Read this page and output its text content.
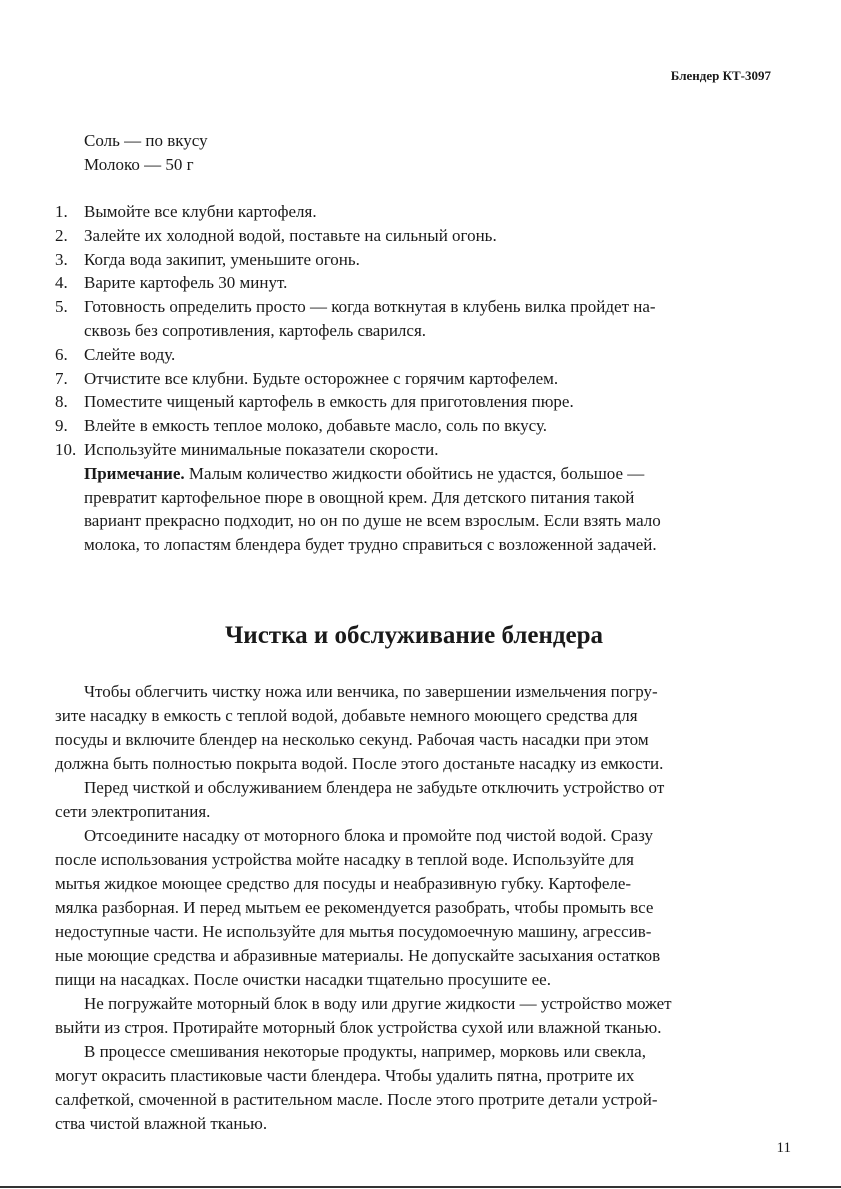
Блендер КТ-3097
Соль — по вкусу
Молоко — 50 г
1. Вымойте все клубни картофеля.
2. Залейте их холодной водой, поставьте на сильный огонь.
3. Когда вода закипит, уменьшите огонь.
4. Варите картофель 30 минут.
5. Готовность определить просто — когда воткнутая в клубень вилка пройдет на-
сквозь без сопротивления, картофель сварился.
6. Слейте воду.
7. Отчистите все клубни. Будьте осторожнее с горячим картофелем.
8. Поместите чищеный картофель в емкость для приготовления пюре.
9. Влейте в емкость теплое молоко, добавьте масло, соль по вкусу.
10. Используйте минимальные показатели скорости.
Примечание. Малым количество жидкости обойтись не удастся, большое —
превратит картофельное пюре в овощной крем. Для детского питания такой
вариант прекрасно подходит, но он по душе не всем взрослым. Если взять мало
молока, то лопастям блендера будет трудно справиться с возложенной задачей.
Чистка и обслуживание блендера

Чтобы облегчить чистку ножа или венчика, по завершении измельчения погру-
зите насадку в емкость с теплой водой, добавьте немного моющего средства для
посуды и включите блендер на несколько секунд. Рабочая часть насадки при этом
должна быть полностью покрыта водой. После этого достаньте насадку из емкости.

Перед чисткой и обслуживанием блендера не забудьте отключить устройство от
сети электропитания.

Отсоедините насадку от моторного блока и промойте под чистой водой. Сразу
после использования устройства мойте насадку в теплой воде. Используйте для
мытья жидкое моющее средство для посуды и неабразивную губку. Картофеле-
мялка разборная. И перед мытьем ее рекомендуется разобрать, чтобы промыть все
недоступные части. Не используйте для мытья посудомоечную машину, агрессив-
ные моющие средства и абразивные материалы. Не допускайте засыхания остатков
пищи на насадках. После очистки насадки тщательно просушите ее.

Не погружайте моторный блок в воду или другие жидкости — устройство может
выйти из строя. Протирайте моторный блок устройства сухой или влажной тканью.

В процессе смешивания некоторые продукты, например, морковь или свекла,
могут окрасить пластиковые части блендера. Чтобы удалить пятна, протрите их
салфеткой, смоченной в растительном масле. После этого протрите детали устрой-
ства чистой влажной тканью.

11
